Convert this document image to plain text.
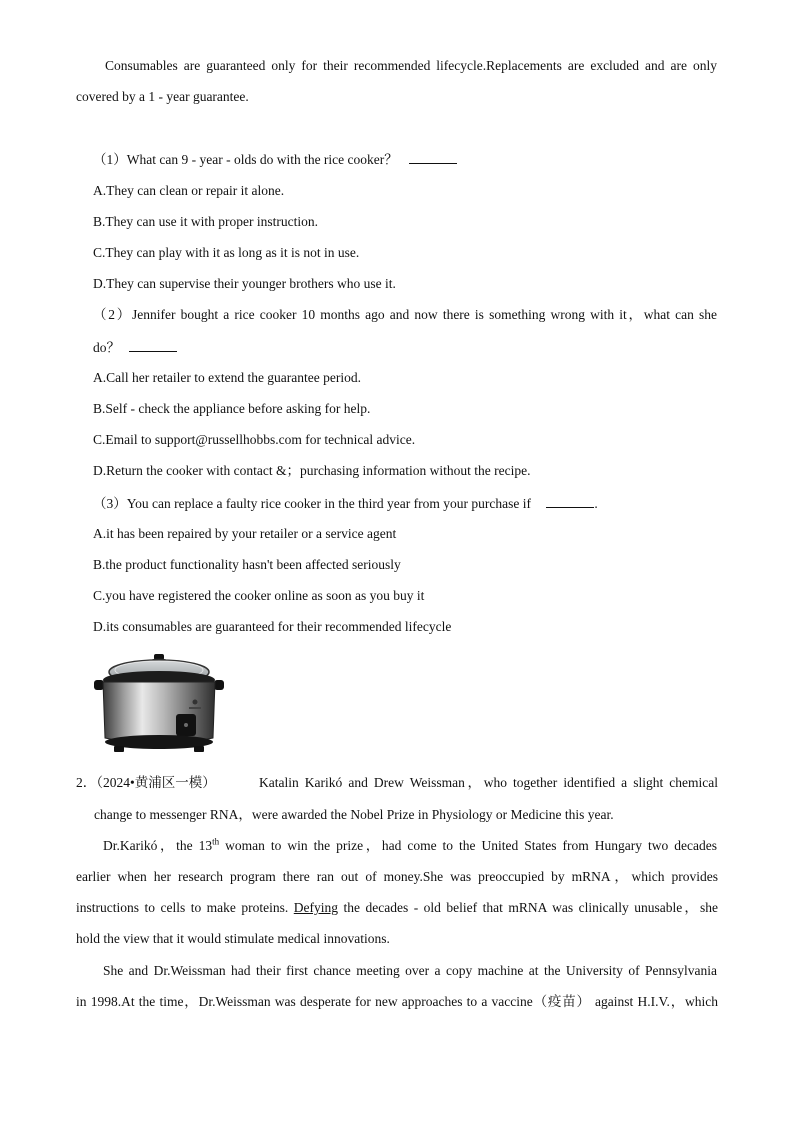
Consumables are guaranteed only for their recommended lifecycle.Replacements are excluded and are only
covered by a 1 - year guarantee.
（1）What can 9 - year - olds do with the rice cooker？
A.They can clean or repair it alone.
B.They can use it with proper instruction.
C.They can play with it as long as it is not in use.
D.They can supervise their younger brothers who use it.
（2）Jennifer bought a rice cooker 10 months ago and now there is something wrong with it，what can she
do？
A.Call her retailer to extend the guarantee period.
B.Self - check the appliance before asking for help.
C.Email to support@russellhobbs.com for technical advice.
D.Return the cooker with contact &；purchasing information without the recipe.
（3）You can replace a faulty rice cooker in the third year from your purchase if	.
A.it has been repaired by your retailer or a service agent
B.the product functionality hasn't been affected seriously
C.you have registered the cooker online as soon as you buy it
D.its consumables are guaranteed for their recommended lifecycle
2．（2024•黄浦区一模）	Katalin Karikó and Drew Weissman，who together identified a slight chemical
change to messenger RNA，were awarded the Nobel Prize in Physiology or Medicine this year.
Dr.Karikó，the 13th woman to win the prize，had come to the United States from Hungary two decades
earlier when her research program there ran out of money.She was preoccupied by mRNA，which provides
instructions to cells to make proteins. Defying the decades - old belief that mRNA was clinically unusable，she
hold the view that it would stimulate medical innovations.
She and Dr.Weissman had their first chance meeting over a copy machine at the University of Pennsylvania
in 1998.At the time，Dr.Weissman was desperate for new approaches to a vaccine（疫苗） against H.I.V.，which
